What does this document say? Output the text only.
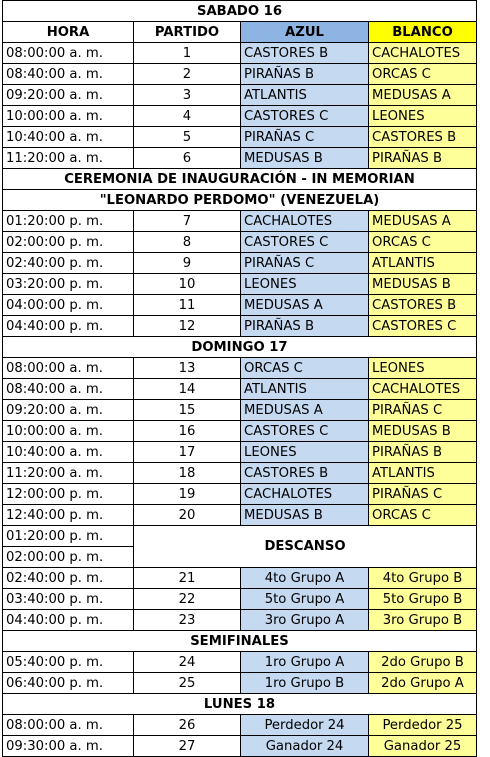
SABADO 16			
HORA	PARTIDO	AZUL	BLANCO
08:00:00 a. m.	1	CASTORES B	CACHALOTES
08:40:00 a. m.	2	PIRAÑAS B	ORCAS C
09:20:00 a. m.	3	ATLANTIS	MEDUSAS A
10:00:00 a. m.	4	CASTORES C	LEONES
10:40:00 a. m.	5	PIRAÑAS C	CASTORES B
11:20:00 a. m.	6	MEDUSAS B	PIRAÑAS B
CEREMONIA DE INAUGURACIÓN - IN MEMORIAN			
"LEONARDO PERDOMO" (VENEZUELA)			
01:20:00 p. m.	7	CACHALOTES	MEDUSAS A
02:00:00 p. m.	8	CASTORES C	ORCAS C
02:40:00 p. m.	9	PIRAÑAS C	ATLANTIS
03:20:00 p. m.	10	LEONES	MEDUSAS B
04:00:00 p. m.	11	MEDUSAS A	CASTORES B
04:40:00 p. m.	12	PIRAÑAS B	CASTORES C
DOMINGO 17			
08:00:00 a. m.	13	ORCAS C	LEONES
08:40:00 a. m.	14	ATLANTIS	CACHALOTES
09:20:00 a. m.	15	MEDUSAS A	PIRAÑAS C
10:00:00 a. m.	16	CASTORES C	MEDUSAS B
10:40:00 a. m.	17	LEONES	PIRAÑAS B
11:20:00 a. m.	18	CASTORES B	ATLANTIS
12:00:00 p. m.	19	CACHALOTES	PIRAÑAS C
12:40:00 p. m.	20	MEDUSAS B	ORCAS C
01:20:00 p. m.	DESCANSO		
02:00:00 p. m.			
02:40:00 p. m.	21	4to Grupo A	4to Grupo B
03:40:00 p. m.	22	5to Grupo A	5to Grupo B
04:40:00 p. m.	23	3ro Grupo A	3ro Grupo B
SEMIFINALES			
05:40:00 p. m.	24	1ro Grupo A	2do Grupo B
06:40:00 p. m.	25	1ro Grupo B	2do Grupo A
LUNES 18			
08:00:00 a. m.	26	Perdedor 24	Perdedor 25
09:30:00 a. m.	27	Ganador 24	Ganador 25
